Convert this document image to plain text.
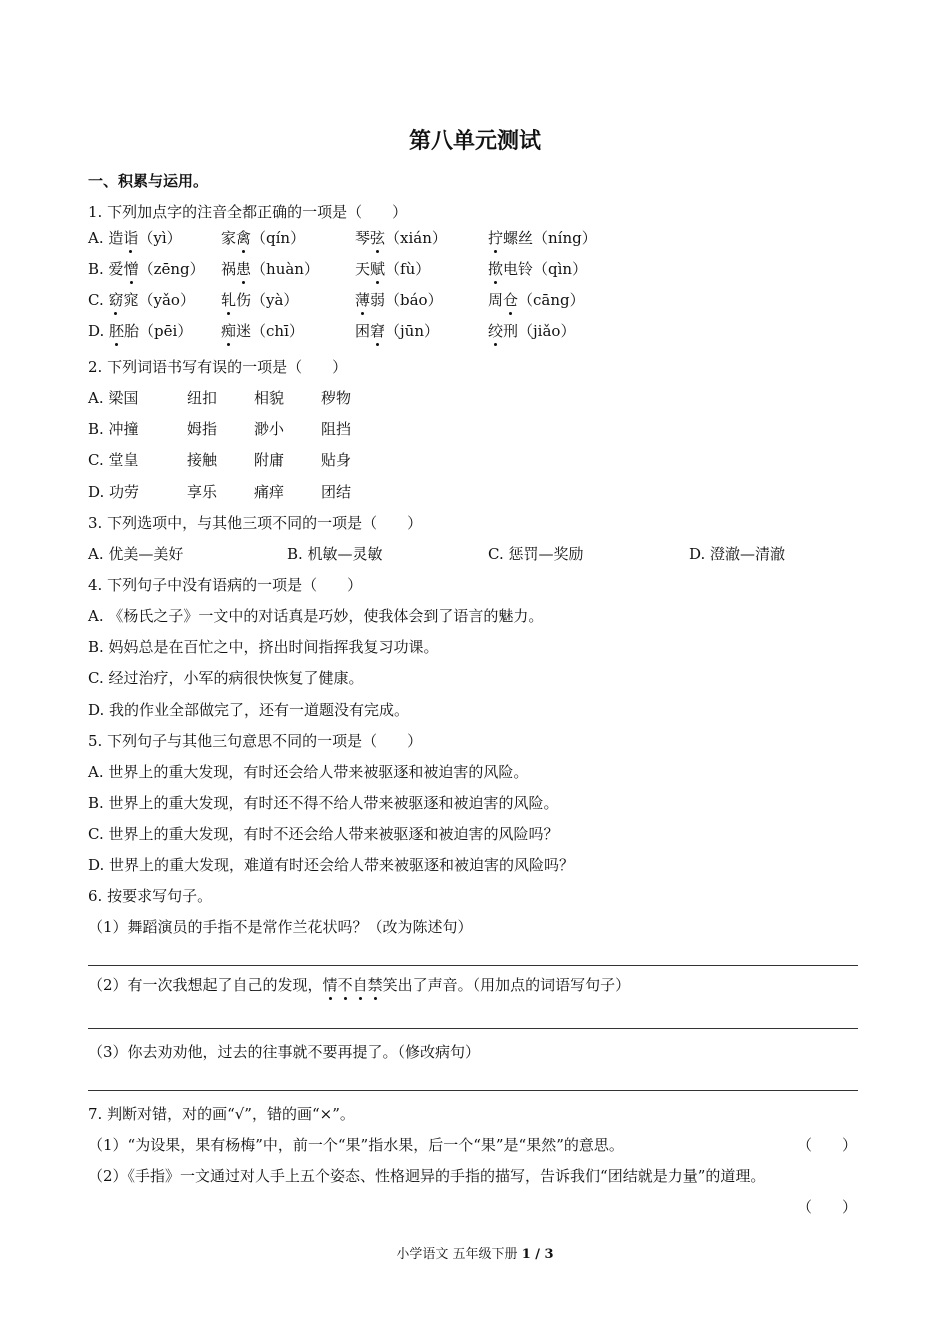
第八单元测试
一、积累与运用。
1. 下列加点字的注音全都正确的一项是（　　）
A. 造诣（yì）	家禽（qín）	琴弦（xián）	拧螺丝（níng）
B. 爱憎（zēng） 祸患（huàn） 天赋（fù）	揿电铃（qìn）
C. 窈窕（yǎo） 轧伤（yà）	薄弱（báo）	周仓（cāng）
D. 胚胎（pēi） 痴迷（chī）	困窘（jūn）	绞刑（jiǎo）
2. 下列词语书写有误的一项是（　　）
A. 梁国	纽扣 相貌 秽物
B. 冲撞	姆指 渺小 阻挡
C. 堂皇	接触 附庸 贴身
D. 功劳	享乐 痛痒 团结
3. 下列选项中，与其他三项不同的一项是（　　）
A. 优美—美好	B. 机敏—灵敏	C. 惩罚—奖励	D. 澄澈—清澈
4. 下列句子中没有语病的一项是（　　）
A. 《杨氏之子》一文中的对话真是巧妙，使我体会到了语言的魅力。
B. 妈妈总是在百忙之中，挤出时间指挥我复习功课。
C. 经过治疗，小军的病很快恢复了健康。
D. 我的作业全部做完了，还有一道题没有完成。
5. 下列句子与其他三句意思不同的一项是（　　）
A. 世界上的重大发现，有时还会给人带来被驱逐和被迫害的风险。
B. 世界上的重大发现，有时还不得不给人带来被驱逐和被迫害的风险。
C. 世界上的重大发现，有时不还会给人带来被驱逐和被迫害的风险吗？
D. 世界上的重大发现，难道有时还会给人带来被驱逐和被迫害的风险吗？
6. 按要求写句子。
（1）舞蹈演员的手指不是常作兰花状吗？（改为陈述句）
（2）有一次我想起了自己的发现，情不自禁笑出了声音。（用加点的词语写句子）
（3）你去劝劝他，过去的往事就不要再提了。（修改病句）
7. 判断对错，对的画“√”，错的画“×”。
（1）“为设果，果有杨梅”中，前一个“果”指水果，后一个“果”是“果然”的意思。	（　　）
（2）《手指》一文通过对人手上五个姿态、性格迥异的手指的描写，告诉我们“团结就是力量”的道理。
（　　）
小学语文 五年级下册 1 / 3
